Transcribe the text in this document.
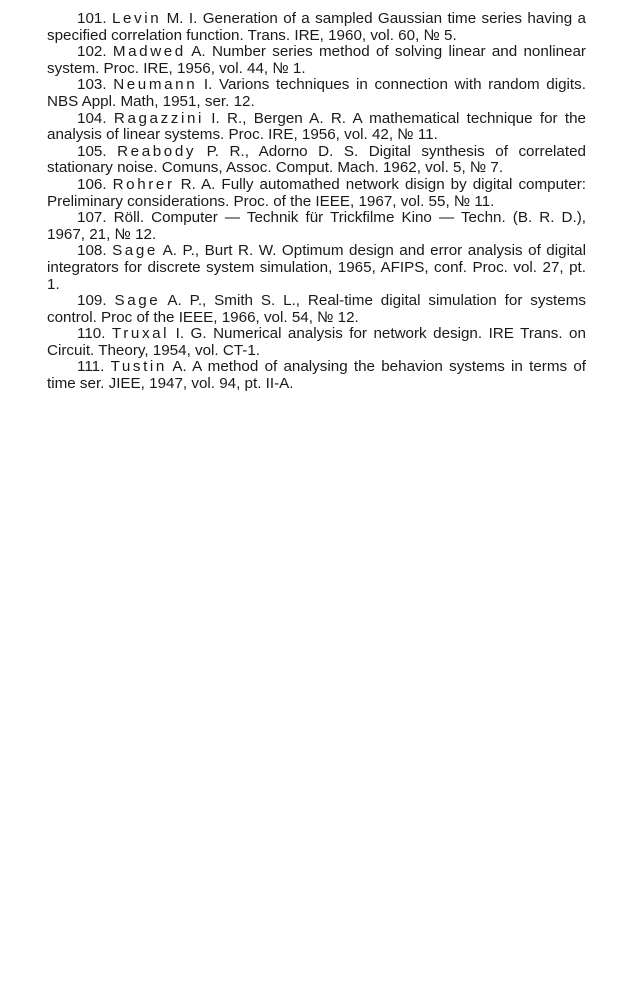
101. Levin M. I. Generation of a sampled Gaussian time series having a specified correlation function. Trans. IRE, 1960, vol. 60, № 5.

102. Madwed A. Number series method of solving linear and nonlinear system. Proc. IRE, 1956, vol. 44, № 1.

103. Neumann I. Varions techniques in connection with random digits. NBS Appl. Math, 1951, ser. 12.

104. Ragazzini I. R., Bergen A. R. A mathematical technique for the analysis of linear systems. Proc. IRE, 1956, vol. 42, № 11.

105. Reabody P. R., Adorno D. S. Digital synthesis of correlated stationary noise. Comuns, Assoc. Comput. Mach. 1962, vol. 5, № 7.

106. Rohrer R. A. Fully automathed network disign by digital computer: Preliminary considerations. Proc. of the IEEE, 1967, vol. 55, № 11.

107. Röll. Computer — Technik für Trickfilme Kino — Techn. (B. R. D.), 1967, 21, № 12.

108. Sage A. P., Burt R. W. Optimum design and error analysis of digital integrators for discrete system simulation, 1965, AFIPS, conf. Proc. vol. 27, pt. 1.

109. Sage A. P., Smith S. L., Real-time digital simulation for systems control. Proc of the IEEE, 1966, vol. 54, № 12.

110. Truxal I. G. Numerical analysis for network design. IRE Trans. on Circuit. Theory, 1954, vol. CT-1.

111. Tustin A. A method of analysing the behavion systems in terms of time ser. JIEE, 1947, vol. 94, pt. II-A.
